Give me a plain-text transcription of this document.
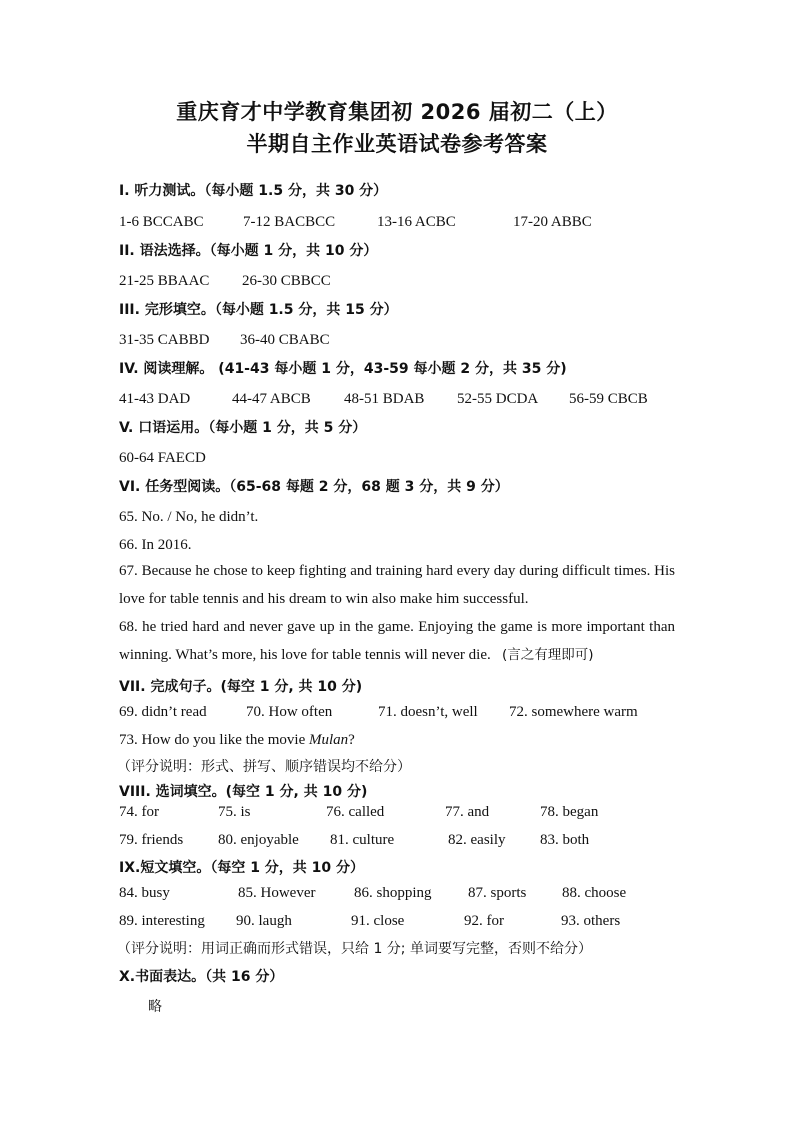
重庆育才中学教育集团初 2026 届初二（上）
半期自主作业英语试卷参考答案
I. 听力测试。（每小题 1.5 分，共 30 分）
1-6 BCCABC	7-12 BACBCC	13-16 ACBC	17-20 ABBC
II. 语法选择。（每小题 1 分，共 10 分）
21-25 BBAAC 26-30 CBBCC
III. 完形填空。（每小题 1.5 分，共 15 分）
31-35 CABBD 36-40 CBABC
IV. 阅读理解。 (41-43 每小题 1 分，43-59 每小题 2 分，共 35 分)
41-43 DAD	44-47 ABCB 48-51 BDAB 52-55 DCDA 56-59 CBCB
V. 口语运用。（每小题 1 分，共 5 分）
60-64 FAECD
VI. 任务型阅读。（65-68 每题 2 分，68 题 3 分，共 9 分）
65. No. / No, he didn’t.
66. In 2016.
67. Because he chose to keep fighting and training hard every day during difficult times. His love for table tennis and his dream to win also make him successful.
68. he tried hard and never gave up in the game. Enjoying the game is more important than winning. What’s more, his love for table tennis will never die. (言之有理即可)
VII. 完成句子。(每空 1 分, 共 10 分)
69. didn’t read	70. How often	71. doesn’t, well 72. somewhere warm
73. How do you like the movie Mulan?
（评分说明：形式、拼写、顺序错误均不给分）
VIII. 选词填空。(每空 1 分, 共 10 分)
74. for	75. is	76. called	77. and	78. began
79. friends 80. enjoyable 81. culture	82. easily 83. both
IX.短文填空。（每空 1 分，共 10 分）
84. busy	85. However	86. shopping 87. sports 88. choose
89. interesting 90. laugh	91. close	92. for	93. others
（评分说明：用词正确而形式错误，只给 1 分; 单词要写完整，否则不给分）
X.书面表达。（共 16 分）
略
